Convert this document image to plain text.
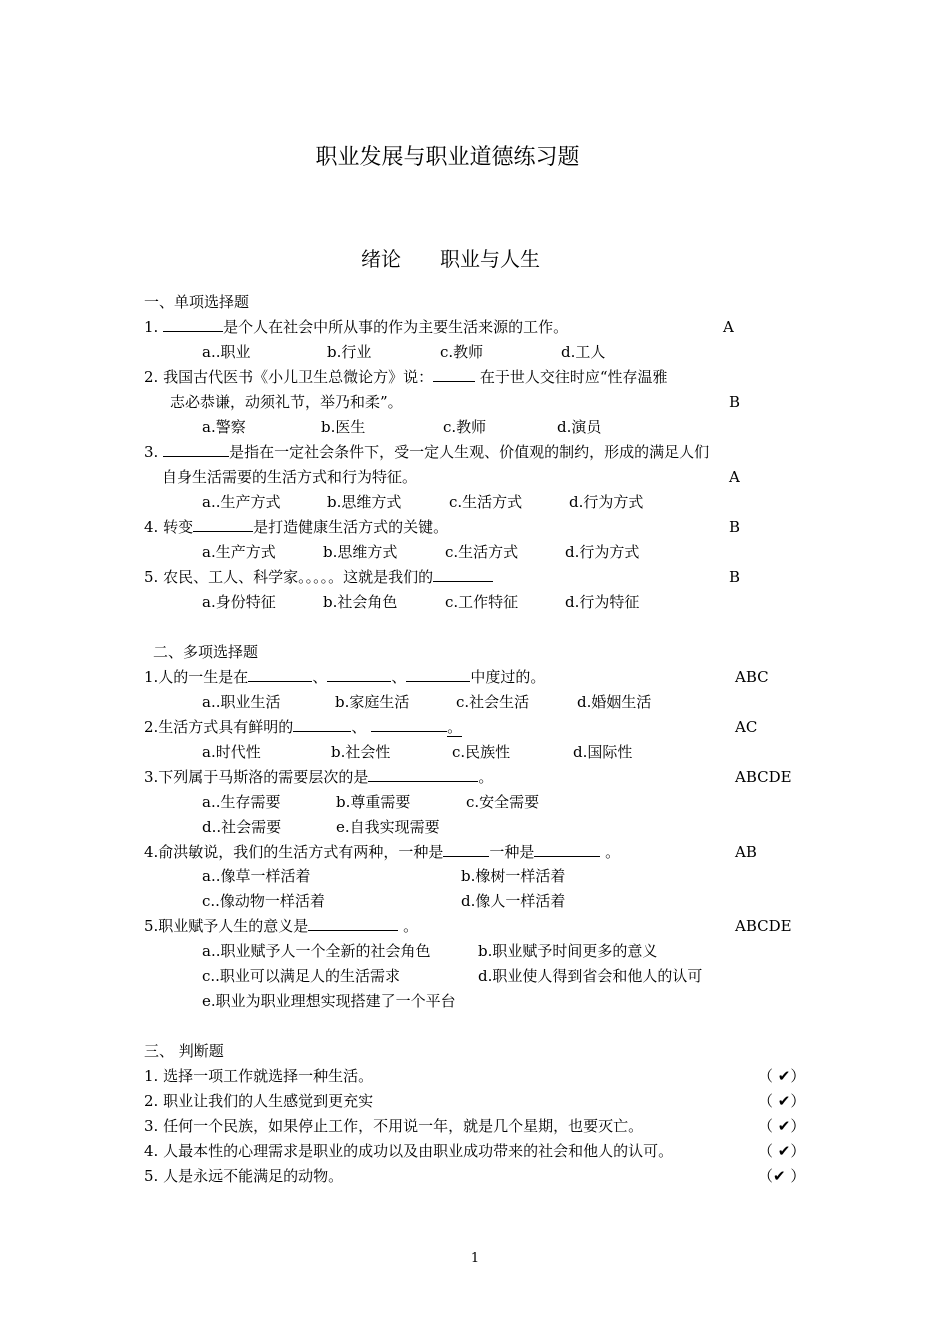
职业发展与职业道德练习题
绪论 职业与人生
一、单项选择题
1.	是个人在社会中所从事的作为主要生活来源的工作。	A
a..职业	b.行业	c.教师	d.工人
2. 我国古代医书《小儿卫生总微论方》说：	在于世人交往时应“性存温雅
志必恭谦，动须礼节，举乃和柔”。	B
a.警察	b.医生	c.教师	d.演员
3.	是指在一定社会条件下，受一定人生观、价值观的制约，形成的满足人们
自身生活需要的生活方式和行为特征。	A
a..生产方式	b.思维方式	c.生活方式	d.行为方式
4. 转变	是打造健康生活方式的关键。	B
a.生产方式	b.思维方式	c.生活方式	d.行为方式
5. 农民、工人、科学家。。。。。这就是我们的	B
a.身份特征	b.社会角色	c.工作特征	d.行为特征
二、多项选择题
1.人的一生是在	、	、	中度过的。	ABC
a..职业生活	b.家庭生活	c.社会生活	d.婚姻生活
2.生活方式具有鲜明的	、	。	AC
a.时代性	b.社会性	c.民族性	d.国际性
3.下列属于马斯洛的需要层次的是	。	ABCDE
a..生存需要	b.尊重需要	c.安全需要
d..社会需要	e.自我实现需要
4.俞洪敏说，我们的生活方式有两种，一种是	一种是	。	AB
a..像草一样活着	b.橡树一样活着
c..像动物一样活着	d.像人一样活着
5.职业赋予人生的意义是	。	ABCDE
a..职业赋予人一个全新的社会角色	b.职业赋予时间更多的意义
c..职业可以满足人的生活需求	d.职业使人得到省会和他人的认可
e.职业为职业理想实现搭建了一个平台
三、 判断题
1. 选择一项工作就选择一种生活。	（ ✔）
2. 职业让我们的人生感觉到更充实	（ ✔）
3. 任何一个民族，如果停止工作，不用说一年，就是几个星期，也要灭亡。	（ ✔）
4. 人最本性的心理需求是职业的成功以及由职业成功带来的社会和他人的认可。	（ ✔）
5. 人是永远不能满足的动物。	（✔ ）
1
